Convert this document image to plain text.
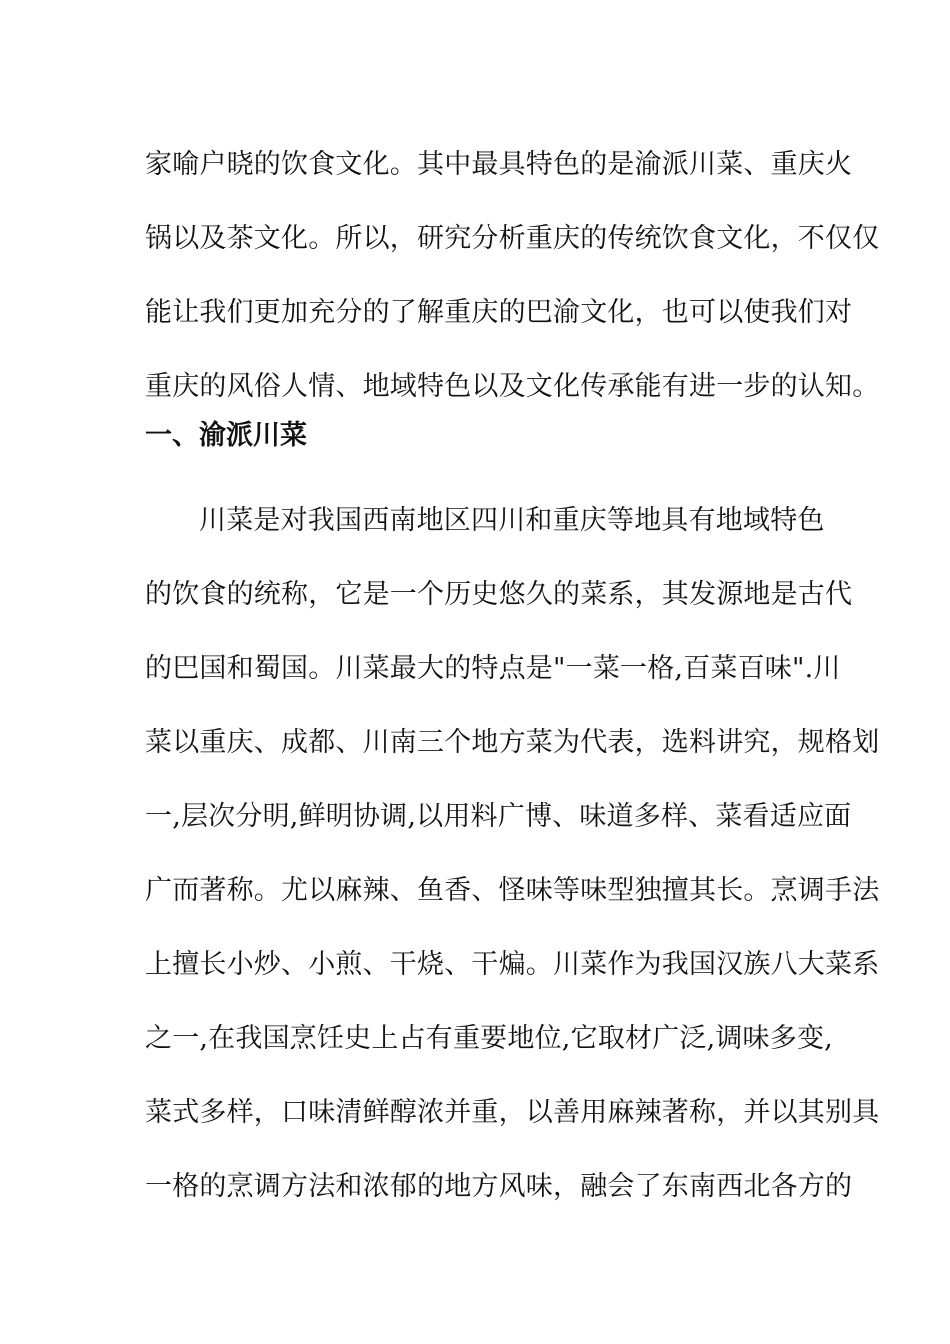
家喻户晓的饮食文化。其中最具特色的是渝派川菜、重庆火
锅以及茶文化。所以，研究分析重庆的传统饮食文化，不仅仅
能让我们更加充分的了解重庆的巴渝文化，也可以使我们对
重庆的风俗人情、地域特色以及文化传承能有进一步的认知。
一、渝派川菜
川菜是对我国西南地区四川和重庆等地具有地域特色
的饮食的统称，它是一个历史悠久的菜系，其发源地是古代
的巴国和蜀国。川菜最大的特点是"一菜一格,百菜百味".川
菜以重庆、成都、川南三个地方菜为代表，选料讲究，规格划
一,层次分明,鲜明协调,以用料广博、味道多样、菜看适应面
广而著称。尤以麻辣、鱼香、怪味等味型独擅其长。烹调手法
上擅长小炒、小煎、干烧、干煸。川菜作为我国汉族八大菜系
之一,在我国烹饪史上占有重要地位,它取材广泛,调味多变,
菜式多样，口味清鲜醇浓并重，以善用麻辣著称，并以其别具
一格的烹调方法和浓郁的地方风味，融会了东南西北各方的
